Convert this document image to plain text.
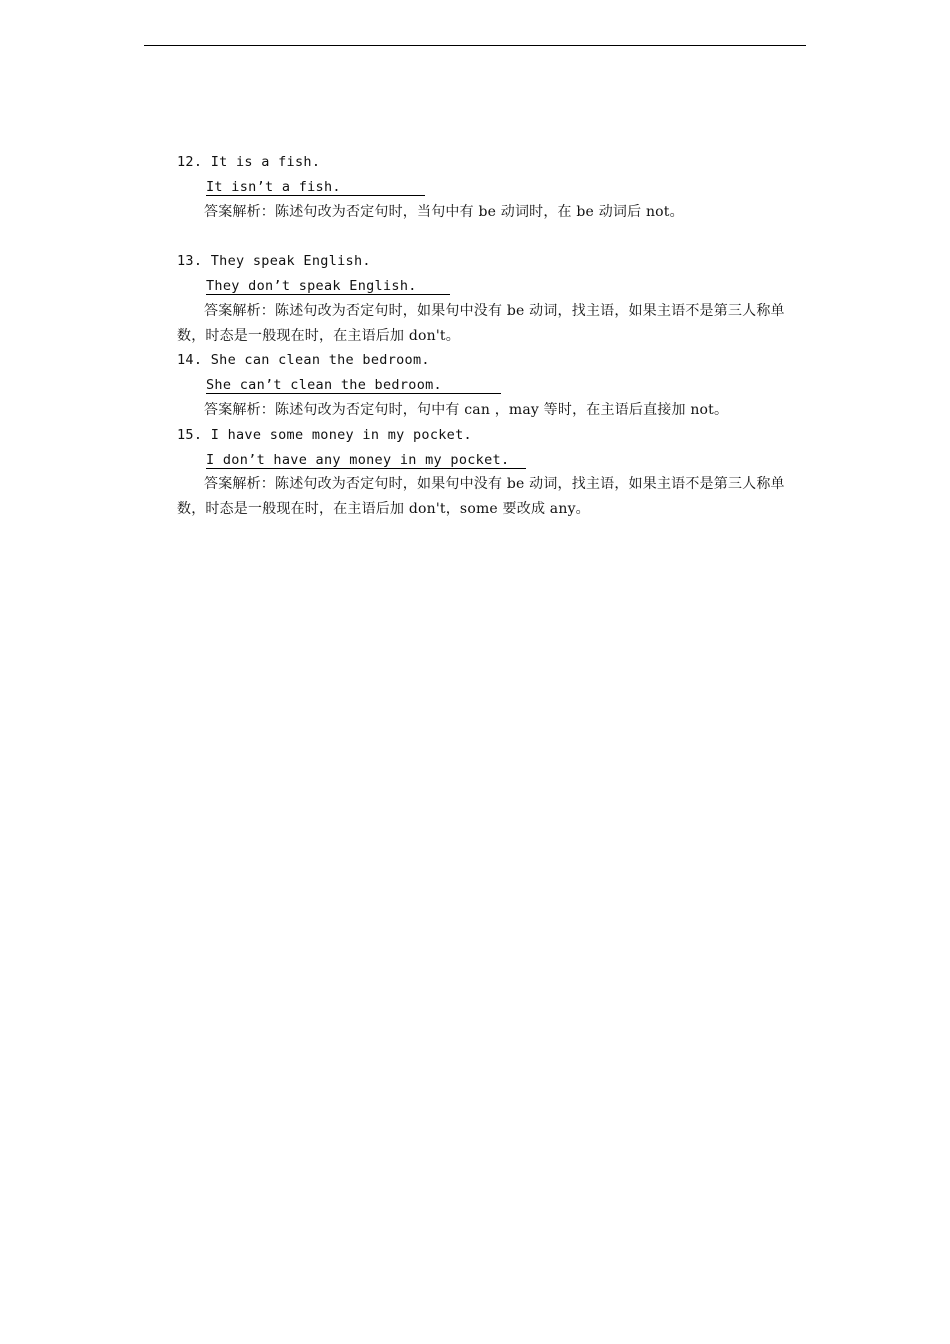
12. It is a fish.

It isn’t a fish.

答案解析：陈述句改为否定句时，当句中有 be 动词时，在 be 动词后 not。

13. They speak English.

They don’t speak English.

答案解析：陈述句改为否定句时，如果句中没有 be 动词，找主语，如果主语不是第三人称单数，时态是一般现在时，在主语后加 don't。

14. She can clean the bedroom.

She can’t clean the bedroom.

答案解析：陈述句改为否定句时，句中有 can ，may 等时，在主语后直接加 not。

15. I have some money in my pocket.

I don’t have any money in my pocket.

答案解析：陈述句改为否定句时，如果句中没有 be 动词，找主语，如果主语不是第三人称单数，时态是一般现在时，在主语后加 don't，some 要改成 any。
